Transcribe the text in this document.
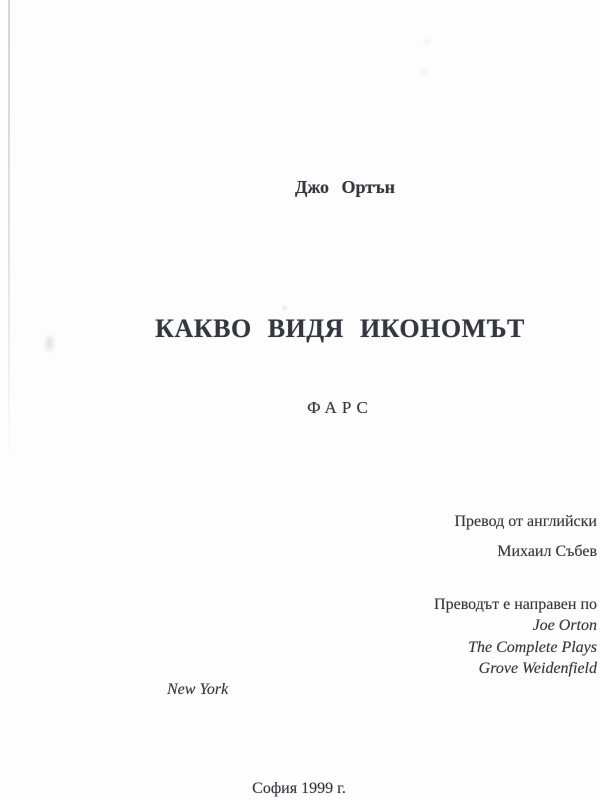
Джо Ортън
КАКВО ВИДЯ ИКОНОМЪТ
ФАРС
Превод от английски
Михаил Събев
Преводът е направен по
Joe Orton
The Complete Plays
Grove Weidenfield
New York
София 1999 г.
